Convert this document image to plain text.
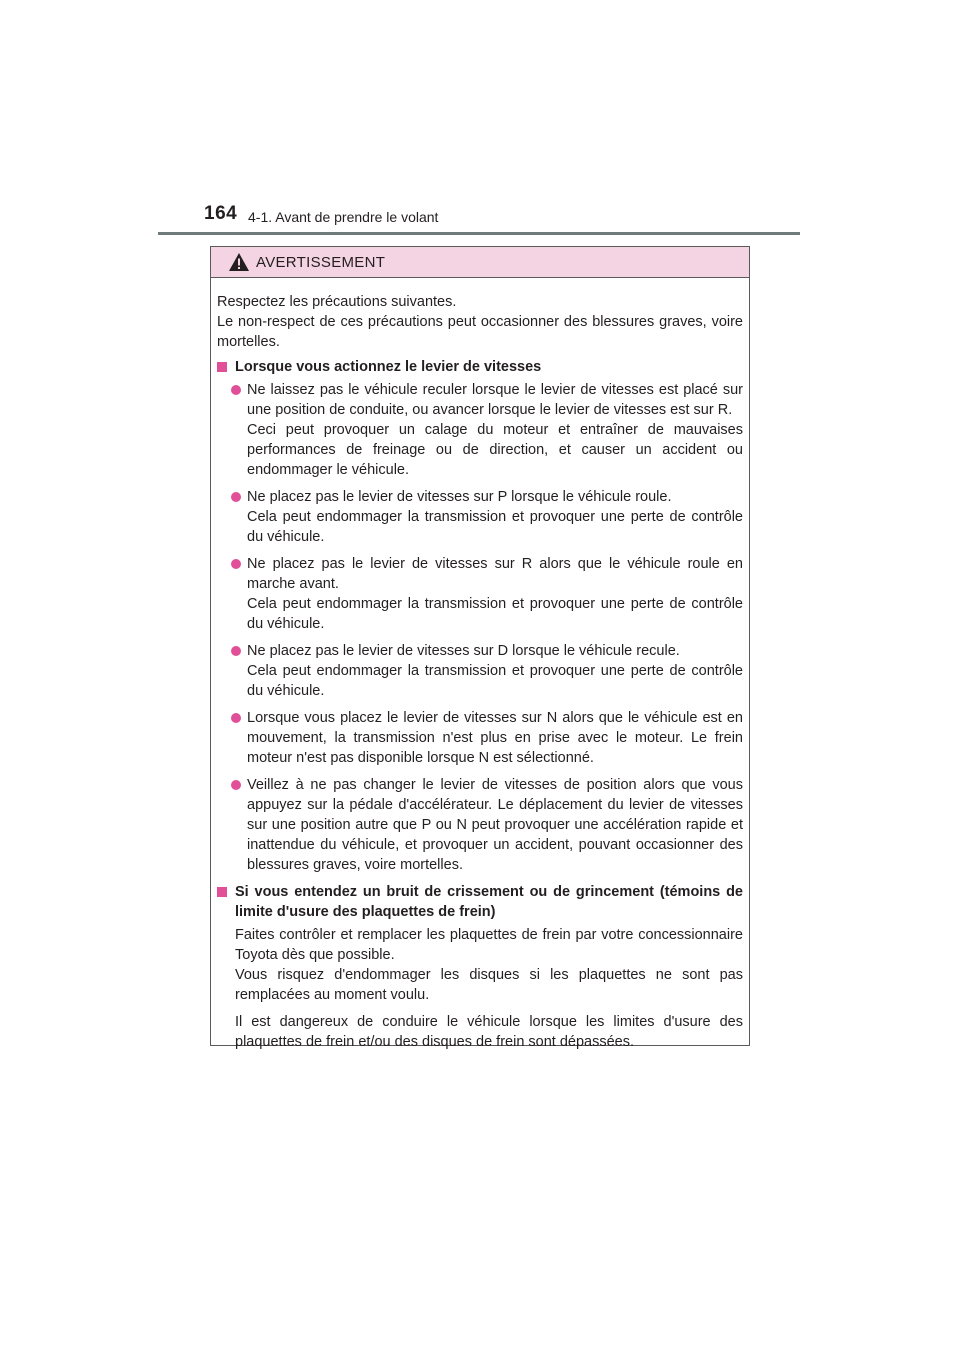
164 4-1. Avant de prendre le volant
AVERTISSEMENT

Respectez les précautions suivantes.
Le non-respect de ces précautions peut occasionner des blessures graves, voire mortelles.

Lorsque vous actionnez le levier de vitesses

Ne laissez pas le véhicule reculer lorsque le levier de vitesses est placé sur une position de conduite, ou avancer lorsque le levier de vitesses est sur R.
Ceci peut provoquer un calage du moteur et entraîner de mauvaises performances de freinage ou de direction, et causer un accident ou endommager le véhicule.
Ne placez pas le levier de vitesses sur P lorsque le véhicule roule.
Cela peut endommager la transmission et provoquer une perte de contrôle du véhicule.
Ne placez pas le levier de vitesses sur R alors que le véhicule roule en marche avant.
Cela peut endommager la transmission et provoquer une perte de contrôle du véhicule.
Ne placez pas le levier de vitesses sur D lorsque le véhicule recule.
Cela peut endommager la transmission et provoquer une perte de contrôle du véhicule.
Lorsque vous placez le levier de vitesses sur N alors que le véhicule est en mouvement, la transmission n'est plus en prise avec le moteur. Le frein moteur n'est pas disponible lorsque N est sélectionné.
Veillez à ne pas changer le levier de vitesses de position alors que vous appuyez sur la pédale d'accélérateur. Le déplacement du levier de vitesses sur une position autre que P ou N peut provoquer une accélération rapide et inattendue du véhicule, et provoquer un accident, pouvant occasionner des blessures graves, voire mortelles.

Si vous entendez un bruit de crissement ou de grincement (témoins de limite d'usure des plaquettes de frein)

Faites contrôler et remplacer les plaquettes de frein par votre concessionnaire Toyota dès que possible.
Vous risquez d'endommager les disques si les plaquettes ne sont pas remplacées au moment voulu.
Il est dangereux de conduire le véhicule lorsque les limites d'usure des plaquettes de frein et/ou des disques de frein sont dépassées.
